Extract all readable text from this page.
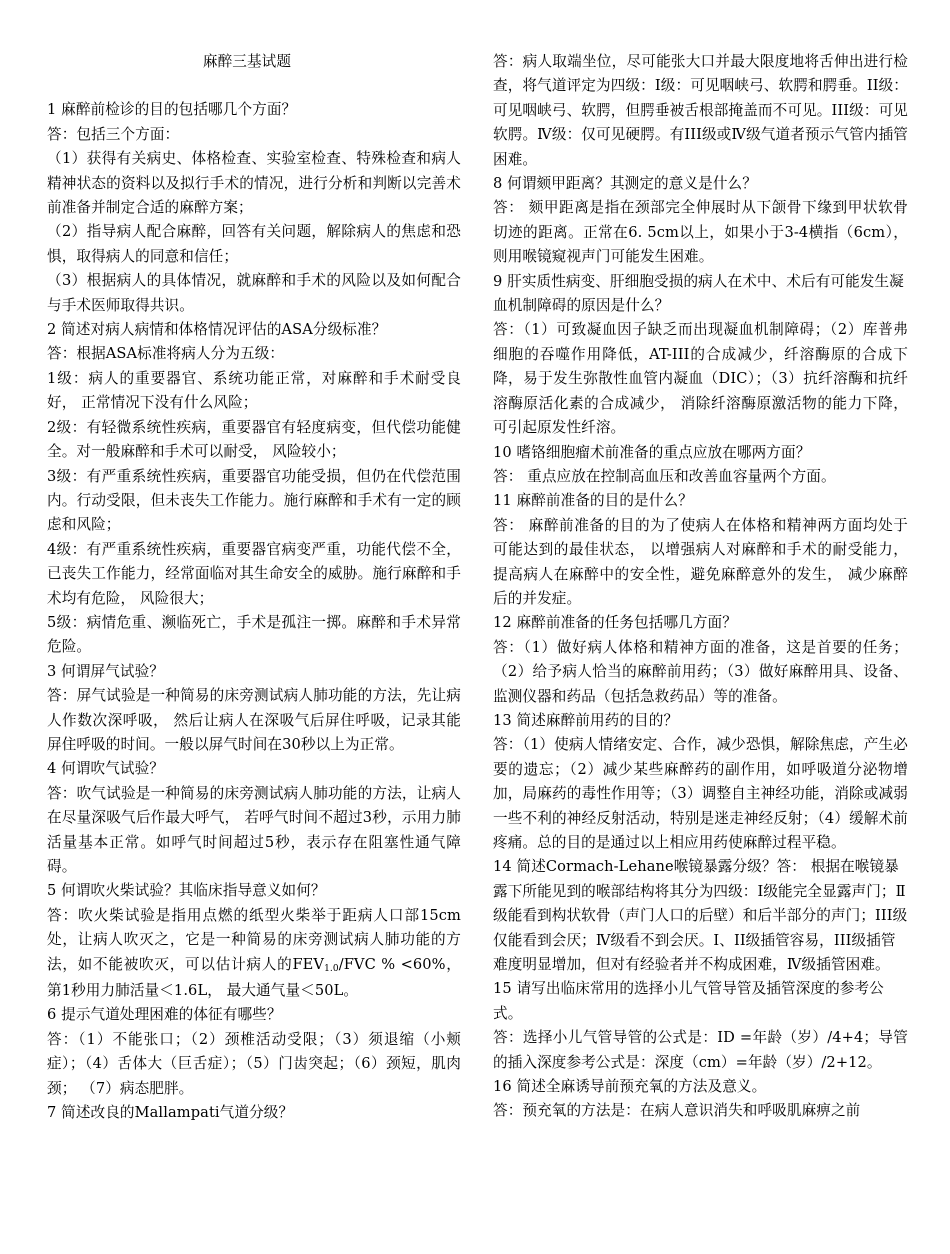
麻醉三基试题
1 麻醉前检诊的目的包括哪几个方面？
答：包括三个方面：
（1）获得有关病史、体格检查、实验室检查、特殊检查和病人精神状态的资料以及拟行手术的情况，进行分析和判断以完善术前准备并制定合适的麻醉方案；
（2）指导病人配合麻醉，回答有关问题，解除病人的焦虑和恐惧，取得病人的同意和信任；
（3）根据病人的具体情况，就麻醉和手术的风险以及如何配合与手术医师取得共识。
2 简述对病人病情和体格情况评估的ASA分级标准？
答：根据ASA标准将病人分为五级：
1级：病人的重要器官、系统功能正常，对麻醉和手术耐受良好， 正常情况下没有什么风险；
2级：有轻微系统性疾病，重要器官有轻度病变，但代偿功能健全。对一般麻醉和手术可以耐受， 风险较小；
3级：有严重系统性疾病，重要器官功能受损，但仍在代偿范围内。行动受限，但未丧失工作能力。施行麻醉和手术有一定的顾虑和风险；
4级：有严重系统性疾病，重要器官病变严重，功能代偿不全，已丧失工作能力，经常面临对其生命安全的威胁。施行麻醉和手术均有危险， 风险很大；
5级：病情危重、濒临死亡，手术是孤注一掷。麻醉和手术异常危险。
3 何谓屏气试验？
答：屏气试验是一种简易的床旁测试病人肺功能的方法，先让病人作数次深呼吸， 然后让病人在深吸气后屏住呼吸，记录其能屏住呼吸的时间。一般以屏气时间在30秒以上为正常。
4 何谓吹气试验？
答：吹气试验是一种简易的床旁测试病人肺功能的方法，让病人在尽量深吸气后作最大呼气， 若呼气时间不超过3秒，示用力肺活量基本正常。如呼气时间超过5秒，表示存在阻塞性通气障碍。
5 何谓吹火柴试验？其临床指导意义如何？
答：吹火柴试验是指用点燃的纸型火柴举于距病人口部15cm处，让病人吹灭之，它是一种简易的床旁测试病人肺功能的方法，如不能被吹灭，可以估计病人的FEV1.0/FVC % <60%， 第1秒用力肺活量＜1.6L， 最大通气量＜50L。
6 提示气道处理困难的体征有哪些？
答：（1）不能张口；（2）颈椎活动受限；（3）须退缩（小颊症）；（4）舌体大（巨舌症）；（5）门齿突起；（6）颈短，肌肉颈； （7）病态肥胖。
7 简述改良的Mallampati气道分级？
答：病人取端坐位，尽可能张大口并最大限度地将舌伸出进行检查，将气道评定为四级：I级：可见咽峡弓、软腭和腭垂。II级：可见咽峡弓、软腭，但腭垂被舌根部掩盖而不可见。III级：可见软腭。Ⅳ级：仅可见硬腭。有III级或Ⅳ级气道者预示气管内插管困难。
8 何谓颏甲距离？其测定的意义是什么？
答： 颏甲距离是指在颈部完全伸展时从下颌骨下缘到甲状软骨切迹的距离。正常在6. 5cm以上，如果小于3-4横指（6cm）， 则用喉镜窥视声门可能发生困难。
9 肝实质性病变、肝细胞受损的病人在术中、术后有可能发生凝血机制障碍的原因是什么？
答：（1）可致凝血因子缺乏而出现凝血机制障碍；（2）库普弗细胞的吞噬作用降低，AT-III的合成减少，纤溶酶原的合成下降，易于发生弥散性血管内凝血（DIC）；（3）抗纤溶酶和抗纤溶酶原活化素的合成减少， 消除纤溶酶原激活物的能力下降， 可引起原发性纤溶。
10 嗜铬细胞瘤术前准备的重点应放在哪两方面？
答： 重点应放在控制高血压和改善血容量两个方面。
11 麻醉前准备的目的是什么？
答： 麻醉前准备的目的为了使病人在体格和精神两方面均处于可能达到的最佳状态， 以增强病人对麻醉和手术的耐受能力，提高病人在麻醉中的安全性，避免麻醉意外的发生， 减少麻醉后的并发症。
12 麻醉前准备的任务包括哪几方面？
答：（1）做好病人体格和精神方面的准备，这是首要的任务；（2）给予病人恰当的麻醉前用药；（3）做好麻醉用具、设备、监测仪器和药品（包括急救药品）等的准备。
13 简述麻醉前用药的目的？
答：（1）使病人情绪安定、合作，减少恐惧，解除焦虑，产生必要的遗忘；（2）减少某些麻醉药的副作用，如呼吸道分泌物增加，局麻药的毒性作用等；（3）调整自主神经功能，消除或减弱一些不利的神经反射活动，特别是迷走神经反射；（4）缓解术前疼痛。总的目的是通过以上相应用药使麻醉过程平稳。
14 简述Cormach-Lehane喉镜暴露分级？答： 根据在喉镜暴露下所能见到的喉部结构将其分为四级：I级能完全显露声门；Ⅱ级能看到构状软骨（声门人口的后壁）和后半部分的声门；III级仅能看到会厌；Ⅳ级看不到会厌。I、II级插管容易，III级插管难度明显增加，但对有经验者并不构成困难，Ⅳ级插管困难。
15 请写出临床常用的选择小儿气管导管及插管深度的参考公式。
答：选择小儿气管导管的公式是：ID =年龄（岁）/4+4；导管的插入深度参考公式是：深度（cm）=年龄（岁）/2+12。
16 简述全麻诱导前预充氧的方法及意义。
答：预充氧的方法是：在病人意识消失和呼吸肌麻痹之前
